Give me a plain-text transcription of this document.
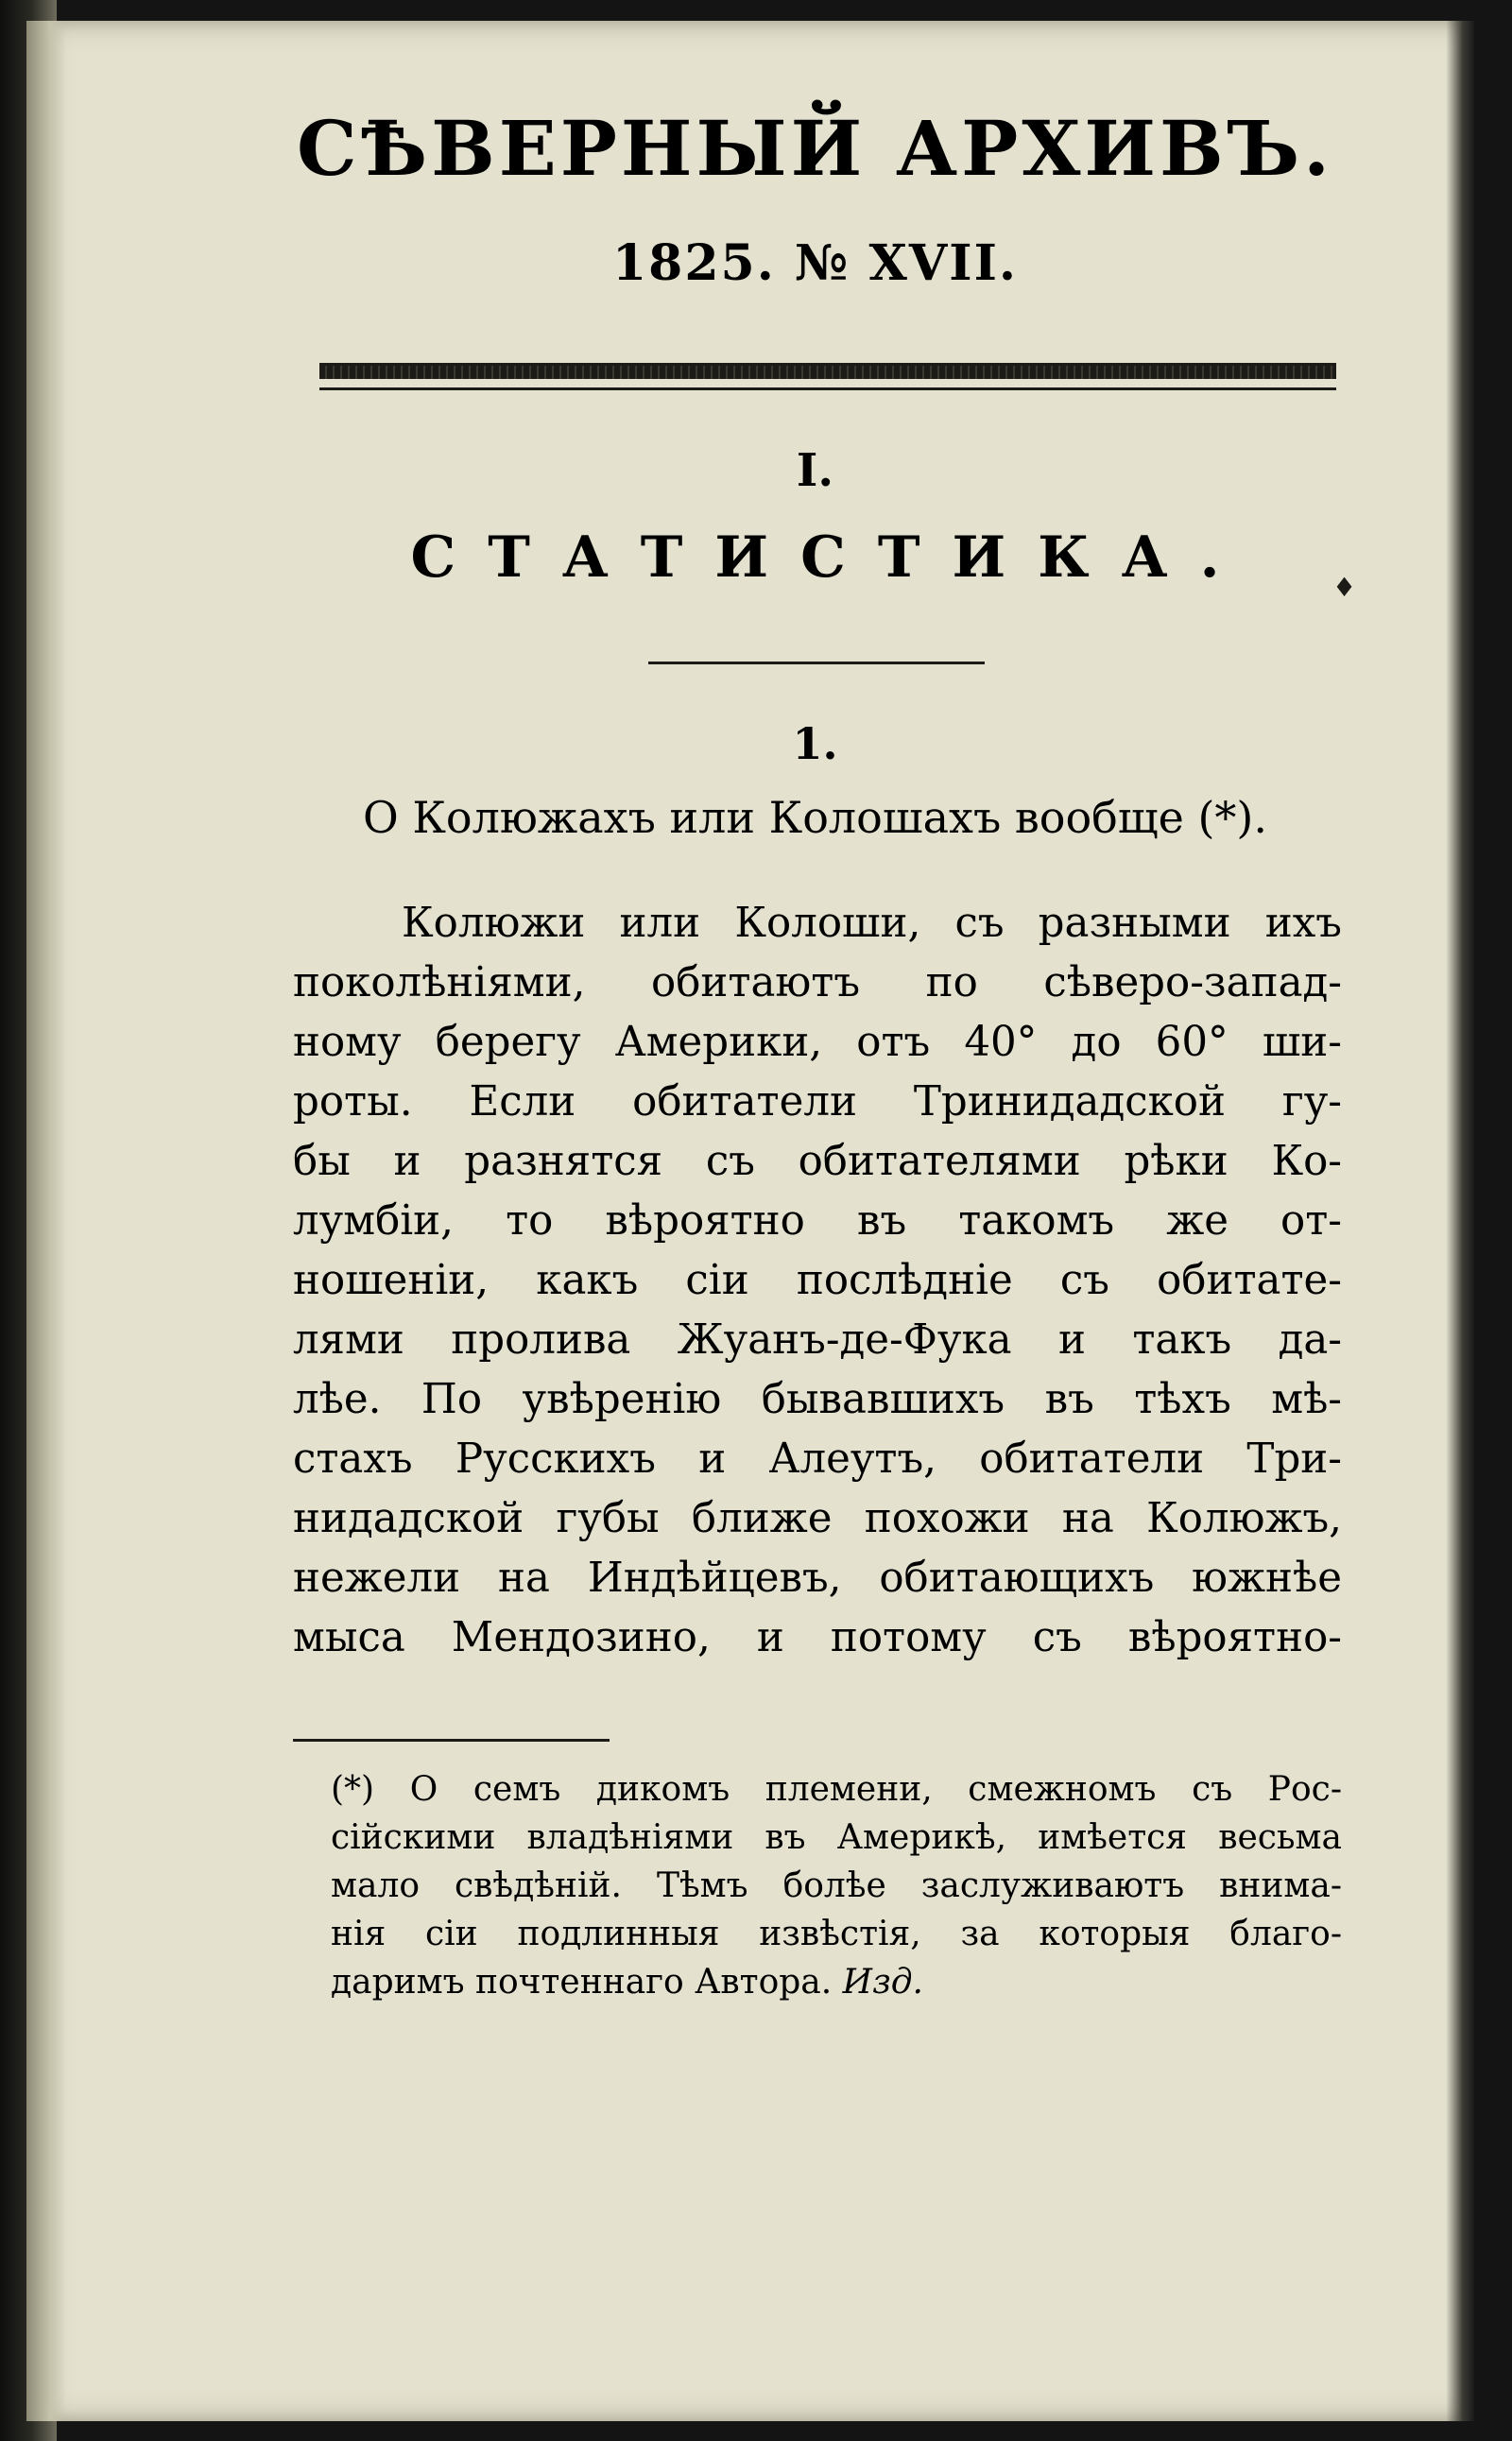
СѢВЕРНЫЙ АРХИВЪ.
1825. № XVII.
I.
СТАТИСТИКА.	♦
1.
О Колюжахъ или Колошахъ вообще (*).
Колюжи или Колоши, съ разными ихъ
поколѣніями, обитаютъ по сѣверо-запад-
ному берегу Америки, отъ 40° до 60° ши-
роты. Если обитатели Тринидадской гу-
бы и разнятся съ обитателями рѣки Ко-
лумбіи, то вѣроятно въ такомъ же от-
ношеніи, какъ сіи послѣдніе съ обитате-
лями пролива Жуанъ-де-Фука и такъ да-
лѣе. По увѣренію бывавшихъ въ тѣхъ мѣ-
стахъ Русскихъ и Алеутъ, обитатели Три-
нидадской губы ближе похожи на Колюжъ,
нежели на Индѣйцевъ, обитающихъ южнѣе
мыса Мендозино, и потому съ вѣроятно-
(*) О семъ дикомъ племени, смежномъ съ Рос-
сійскими владѣніями въ Америкѣ, имѣется весьма
мало свѣдѣній. Тѣмъ болѣе заслуживаютъ внима-
нія сіи подлинныя извѣстія, за которыя благо-
даримъ почтеннаго Автора. Изд.
